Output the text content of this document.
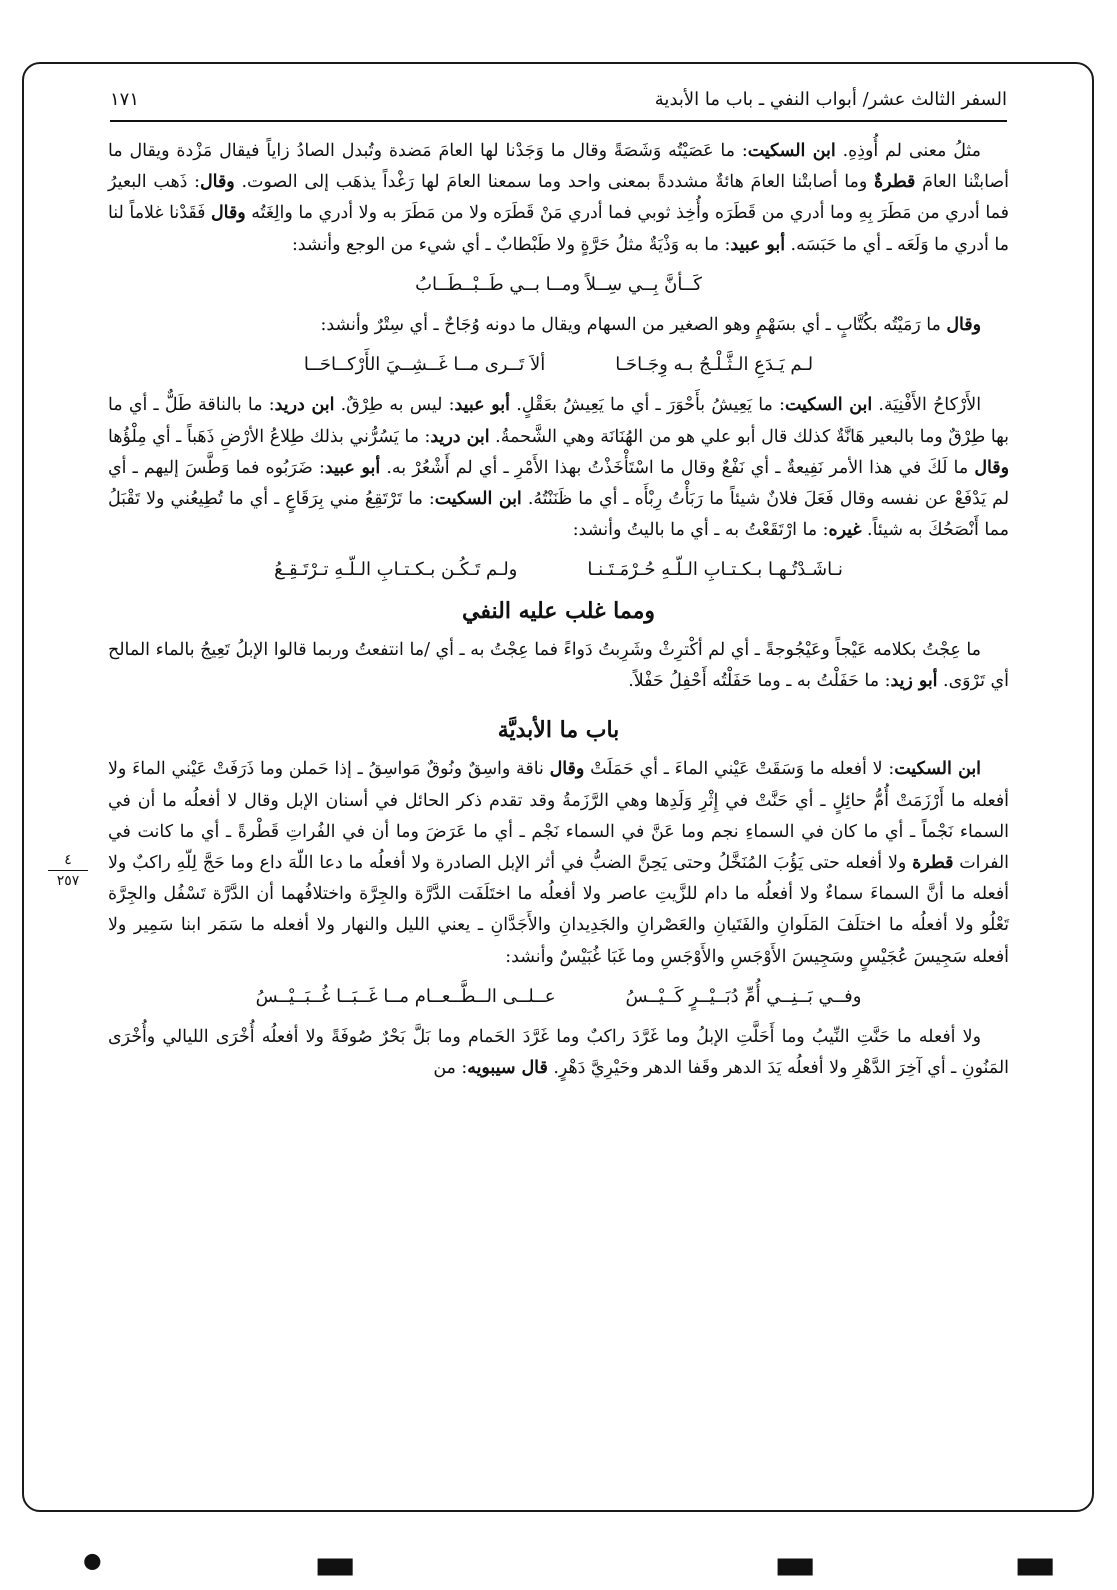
السفر الثالث عشر/ أبواب النفي ـ باب ما الأبدية
١٧١
٤
٢٥٧

مثلُ معنى لم أُوذِهِ. ابن السكيت: ما عَصَيْتُه وَشَصَةً وقال ما وَجَدْنا لها العامَ مَضدة وتُبدل الصادُ زاياً فيقال مَزْدة ويقال ما أصابتْنا العامَ قطرةٌ وما أصابتْنا العامَ هائةٌ مشددةً بمعنى واحد وما سمعنا العامَ لها رَغْداً يذهَب إلى الصوت. وقال: ذَهب البعيرُ فما أدري من مَطَرَ بِهِ وما أدري من قَطَرَه وأُخِذ ثوبي فما أدري مَنْ قَطَرَه ولا من مَطَرَ به ولا أدري ما والِغَتُه وقال فَقَدْنا غلاماً لنا ما أدري ما وَلَعَه ـ أي ما حَبَسَه. أبو عبيد: ما به وَذْيَةٌ مثلُ حَرَّةٍ ولا طَبْطابٌ ـ أي شيء من الوجع وأنشد:

كَــأنَّ بِــي سِــلاً ومــا بــي طَــبْــطَــابُ

وقال ما رَمَيْتُه بكُتَّابٍ ـ أي بسَهْمٍ وهو الصغير من السهام ويقال ما دونه وُجَاحٌ ـ أي سِتْرٌ وأنشد:

لـم يَـدَعِ الـثَّـلْـجُ بـه وِجَـاحَـا
ألاَ تَــرى مــا غَــشِــيَ الأَرْكــاحَــا

الأَرْكاحُ الأَفْنِيَة. ابن السكيت: ما يَعِيشُ بأَحْوَرَ ـ أي ما يَعِيشُ بعَقْلٍ. أبو عبيد: ليس به طِرْقٌ. ابن دريد: ما بالناقة طَلٌّ ـ أي ما بها طِرْقٌ وما بالبعير هَانَّةٌ كذلك قال أبو علي هو من الهُنَانَة وهي الشَّحمةُ. ابن دريد: ما يَسُرُّني بذلك طِلاعُ الأرْضِ ذَهَباً ـ أي مِلْؤُها وقال ما لَكَ في هذا الأمر نَفِيعةٌ ـ أي نَفْعٌ وقال ما اسْتَأْخَذْتُ بهذا الأَمْرِ ـ أي لم أَشْعُرْ به. أبو عبيد: ضَرَبُوه فما وَطَّسَ إليهم ـ أي لم يَدْفَعْ عن نفسه وقال فَعَلَ فلانٌ شيئاً ما رَبَأْتُ رِبْأَه ـ أي ما ظَنَنْتُهُ. ابن السكيت: ما تَرْتَقِعُ مني بِرَقَاعٍ ـ أي ما تُطِيعُني ولا تَقْبَلُ مما أَنْصَحُكَ به شيئاً. غيره: ما ارْتَقَعْتُ به ـ أي ما باليتُ وأنشد:

نـاشَـدْتُـهـا بـكـتـابِ الـلّـهِ حُـرْمَـتَـنـا
ولـم تَـكُـن بـكـتـابِ الـلّـهِ تـرْتَـقِـعُ
ومما غلب عليه النفي

ما عِجْتُ بكلامه عَيْجاً وعَيْجُوجةً ـ أي لم أكْترِثْ وشَرِبتُ دَواءً فما عِجْتُ به ـ أي /ما انتفعتُ وربما قالوا الإبلُ تَعِيجُ بالماء المالح أي تَرْوَى. أبو زيد: ما حَفَلْتُ به ـ وما حَفَلْتُه أَحْفِلُ حَفْلاً.

باب ما الأبديَّة

ابن السكيت: لا أفعله ما وَسَقَتْ عَيْني الماءَ ـ أي حَمَلَتْ وقال ناقة واسِقٌ ونُوقٌ مَواسِقُ ـ إذا حَملن وما ذَرَفَتْ عَيْني الماءَ ولا أفعله ما أَرْزَمَتْ أُمُّ حائِلٍ ـ أي حَنَّتْ في إِثْرِ وَلَدِها وهي الرَّزَمةُ وقد تقدم ذكر الحائل في أسنان الإبل وقال لا أفعلُه ما أن في السماء نَجْماً ـ أي ما كان في السماءِ نجم وما عَنَّ في السماء نَجْم ـ أي ما عَرَضَ وما أن في الفُراتِ قَطْرةً ـ أي ما كانت في الفرات قطرة ولا أفعله حتى يَؤُبَ المُنَخَّلُ وحتى يَحِنَّ الضبُّ في أثر الإبل الصادرة ولا أفعلُه ما دعا اللّهَ داع وما حَجَّ لِلّهِ راكبٌ ولا أفعله ما أنَّ السماءَ سماءٌ ولا أفعلُه ما دام للزَّيتِ عاصر ولا أفعلُه ما اختَلَفَت الدَّرَّة والجِرَّة واختلافُهما أن الدَّرَّة تَسْفُل والجِرَّة تَعْلُو ولا أفعلُه ما اختلَفَ المَلَوانِ والفَتَيانِ والعَصْرانِ والجَدِيدانِ والأَجَدَّانِ ـ يعني الليل والنهار ولا أفعله ما سَمَر ابنا سَمِير ولا أفعله سَجِيسَ عُجَيْسٍ وسَجِيسَ الأَوْجَسِ والأَوْجَسِ وما غَبَا غُبَيْسٌ وأنشد:

وفــي بَــنِــي أُمِّ دُبَــيْــرٍ كَــيْــسُ
عــلــى الــطَّــعــام مــا غَــبَــا غُــبَــيْــسُ

ولا أفعله ما حَنَّتِ النِّيبُ وما أَحَلَّتِ الإبلُ وما غَرَّدَ راكبٌ وما غَرَّدَ الحَمام وما بَلَّ بَحْرٌ صُوفَةً ولا أفعلُه أُخْرَى الليالي وأُخْرَى المَنُونِ ـ أي آخِرَ الدَّهْرِ ولا أفعلُه يَدَ الدهر وقَفا الدهر وحَيْرِيَّ دَهْرٍ. قال سيبويه: من

•	▬	▬	▬
